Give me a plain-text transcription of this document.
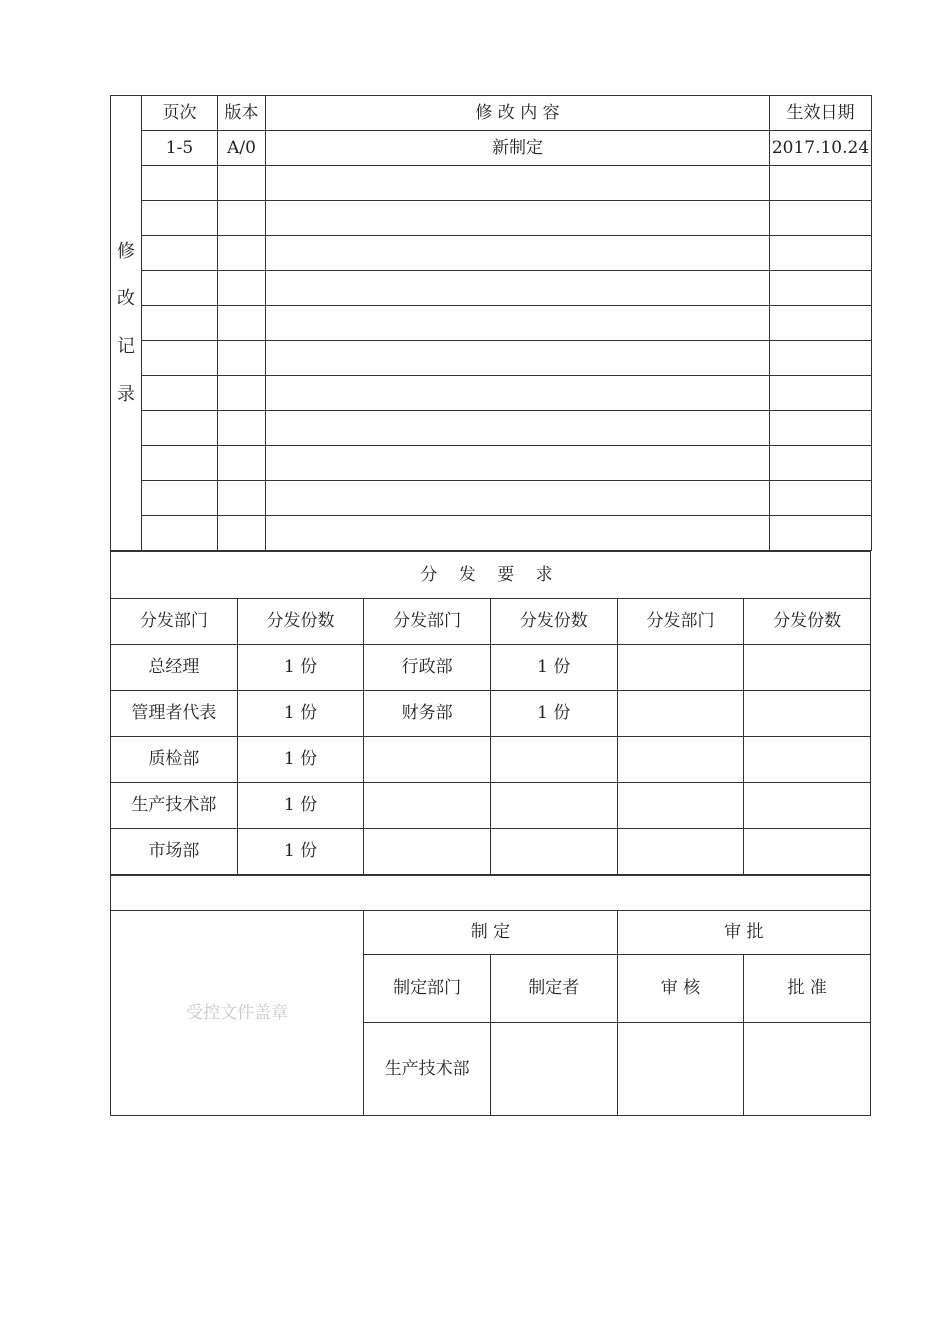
修
改
记
录	页次	版本	修 改 内 容	生效日期
	1-5	A/0	新制定	2017.10.24

分 发 要 求					
分发部门	分发份数	分发部门	分发份数	分发部门	分发份数
总经理	1 份	行政部	1 份		
管理者代表	1 份	财务部	1 份		
质检部	1 份				
生产技术部	1 份				
市场部	1 份				

受控文件盖章	制 定		审 批	
	制定部门	制定者	审 核	批 准
	生产技术部			
